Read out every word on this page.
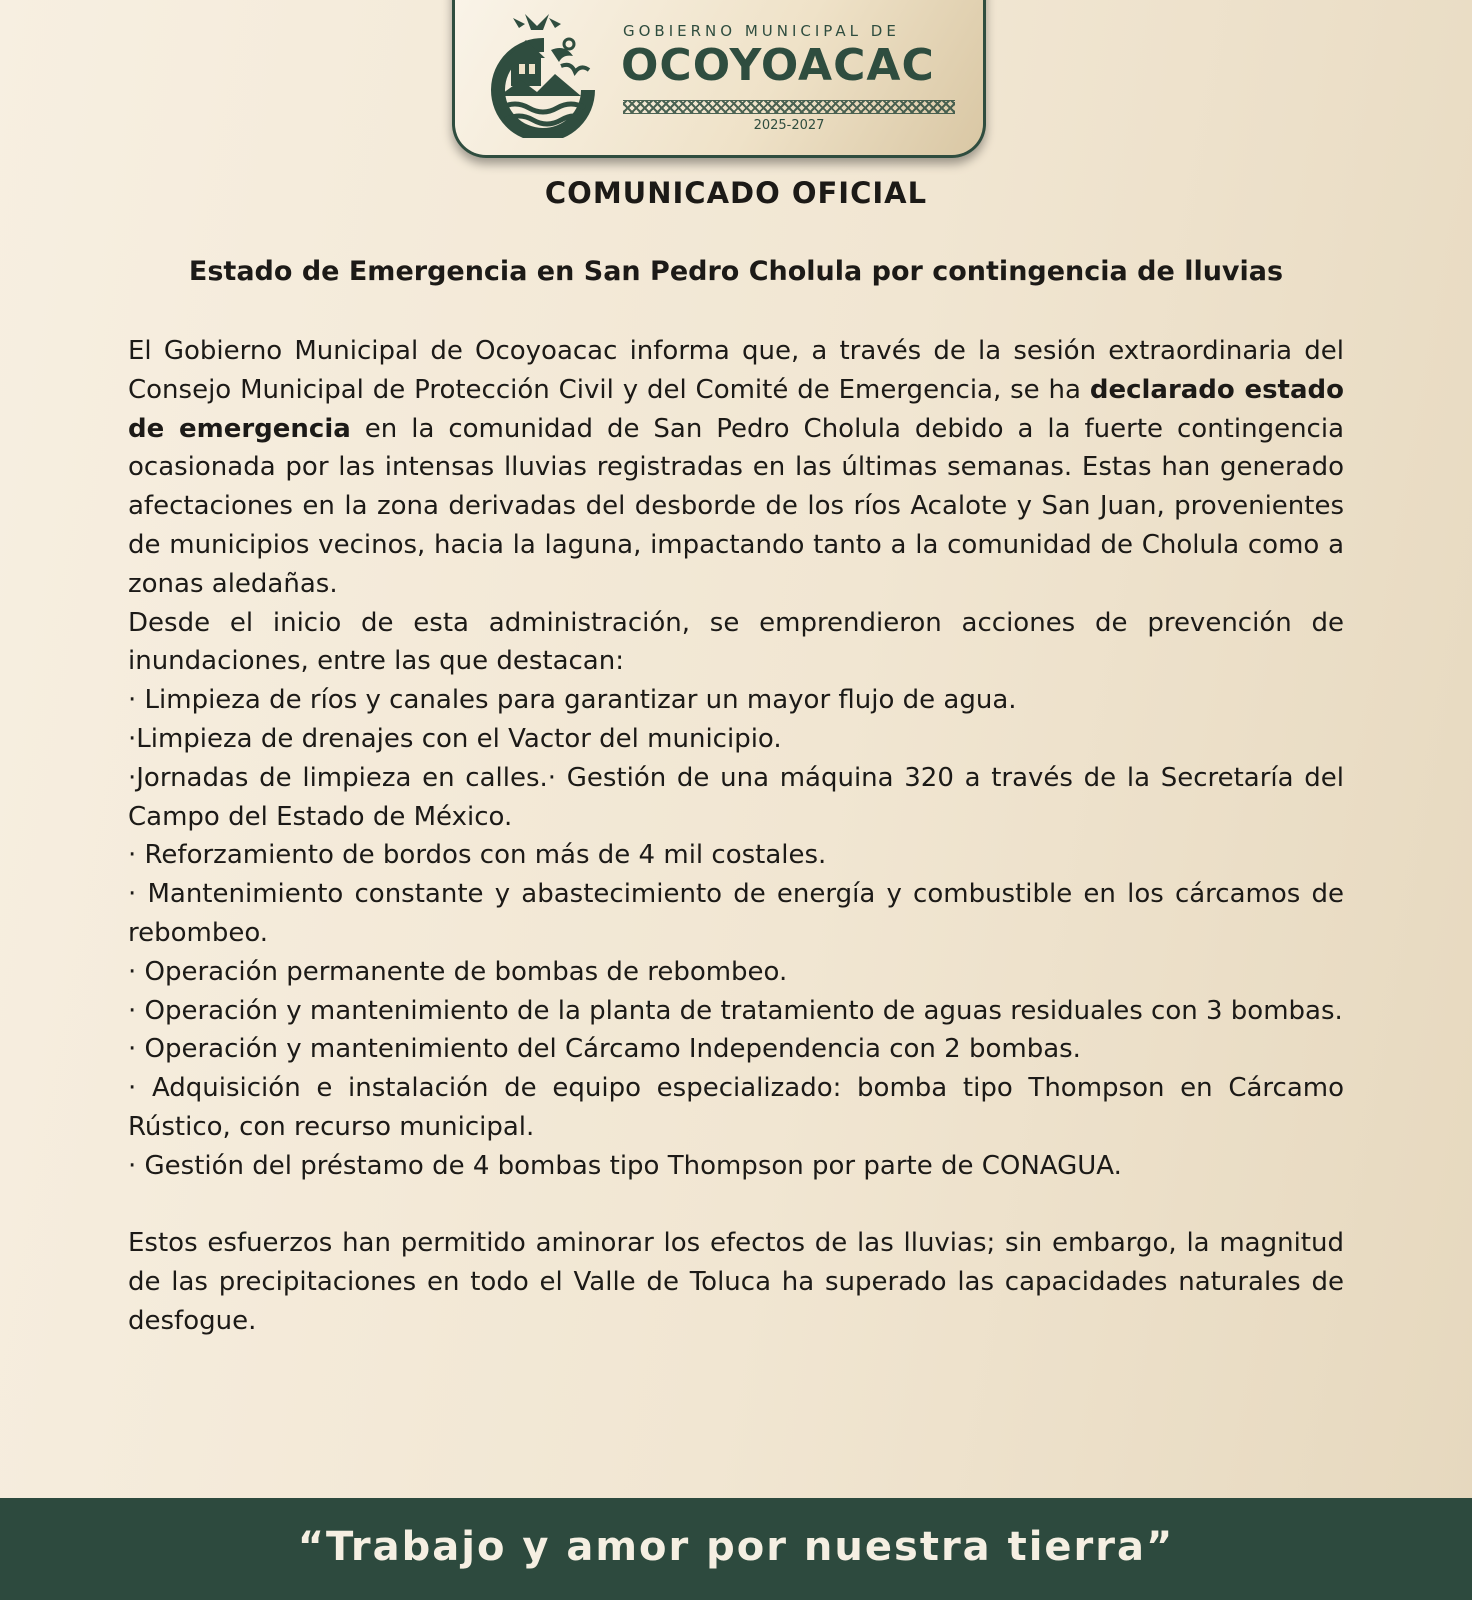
GOBIERNO MUNICIPAL DE
OCOYOACAC
2025-2027
COMUNICADO OFICIAL
Estado de Emergencia en San Pedro Cholula por contingencia de lluvias

El Gobierno Municipal de Ocoyoacac informa que, a través de la sesión extraordinaria del Consejo Municipal de Protección Civil y del Comité de Emergencia, se ha declarado estado de emergencia en la comunidad de San Pedro Cholula debido a la fuerte contingencia ocasionada por las intensas lluvias registradas en las últimas semanas. Estas han generado afectaciones en la zona derivadas del desborde de los ríos Acalote y San Juan, provenientes de municipios vecinos, hacia la laguna, impactando tanto a la comunidad de Cholula como a zonas aledañas.

Desde el inicio de esta administración, se emprendieron acciones de prevención de inundaciones, entre las que destacan:

· Limpieza de ríos y canales para garantizar un mayor flujo de agua.

·Limpieza de drenajes con el Vactor del municipio.

·Jornadas de limpieza en calles.· Gestión de una máquina 320 a través de la Secretaría del Campo del Estado de México.

· Reforzamiento de bordos con más de 4 mil costales.

· Mantenimiento constante y abastecimiento de energía y combustible en los cárcamos de rebombeo.

· Operación permanente de bombas de rebombeo.

· Operación y mantenimiento de la planta de tratamiento de aguas residuales con 3 bombas.

· Operación y mantenimiento del Cárcamo Independencia con 2 bombas.

· Adquisición e instalación de equipo especializado: bomba tipo Thompson en Cárcamo Rústico, con recurso municipal.

· Gestión del préstamo de 4 bombas tipo Thompson por parte de CONAGUA.

Estos esfuerzos han permitido aminorar los efectos de las lluvias; sin embargo, la magnitud de las precipitaciones en todo el Valle de Toluca ha superado las capacidades naturales de desfogue.

“Trabajo y amor por nuestra tierra”
